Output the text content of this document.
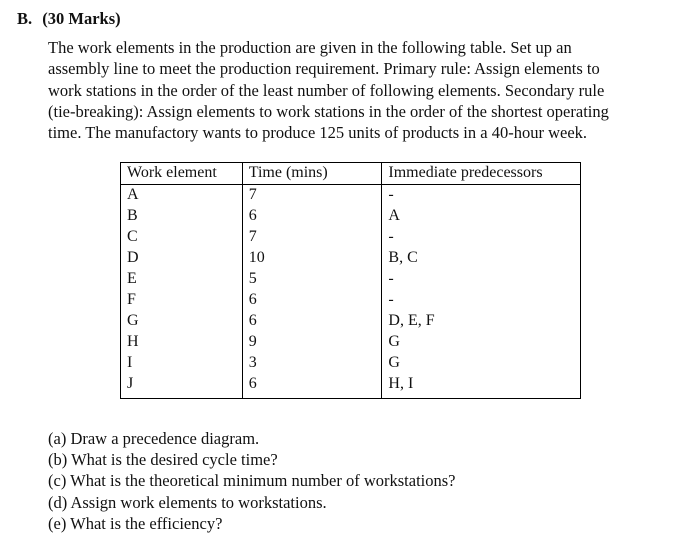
B. (30 Marks)
The work elements in the production are given in the following table. Set up an
assembly line to meet the production requirement. Primary rule: Assign elements to
work stations in the order of the least number of following elements. Secondary rule
(tie-breaking): Assign elements to work stations in the order of the shortest operating
time. The manufactory wants to produce 125 units of products in a 40-hour week.
Work element	Time (mins)	Immediate predecessors
A	7	-
B	6	A
C	7	-
D	10	B, C
E	5	-
F	6	-
G	6	D, E, F
H	9	G
I	3	G
J	6	H, I
(a) Draw a precedence diagram.
(b) What is the desired cycle time?
(c) What is the theoretical minimum number of workstations?
(d) Assign work elements to workstations.
(e) What is the efficiency?
